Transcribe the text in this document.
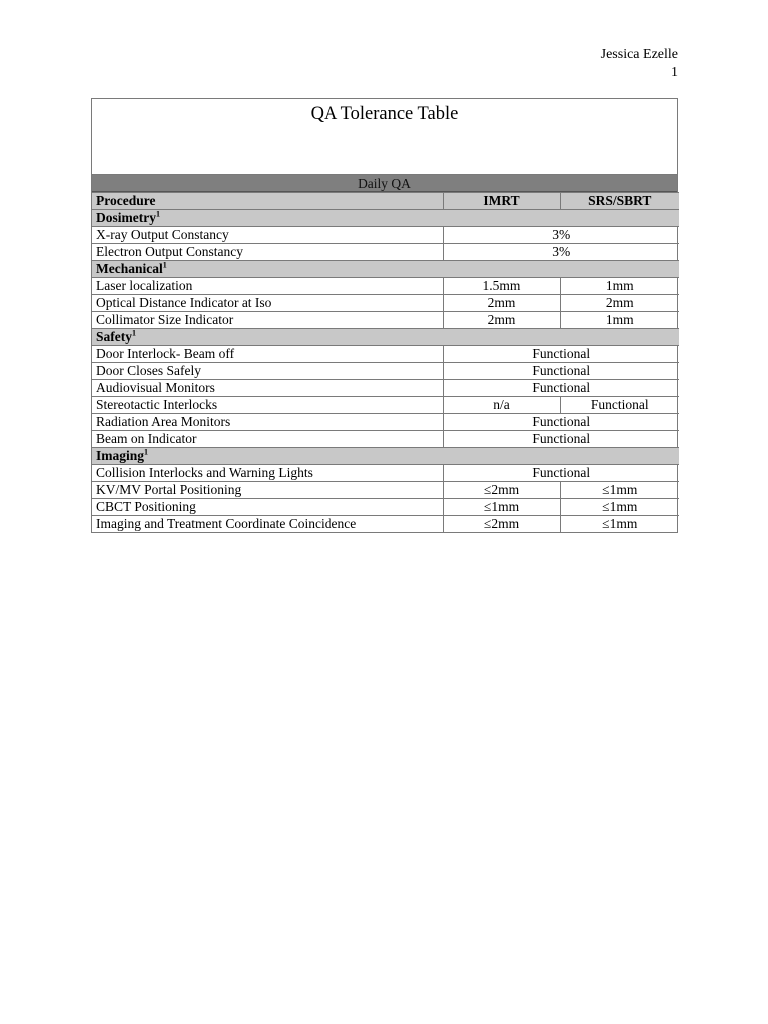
Jessica Ezelle
1
QA Tolerance Table
Daily QA
Procedure	IMRT	SRS/SBRT
Dosimetry$^1$
X-ray Output Constancy	3%	
Electron Output Constancy	3%	
Mechanical$^1$
Laser localization	1.5mm	1mm
Optical Distance Indicator at Iso	2mm	2mm
Collimator Size Indicator	2mm	1mm
Safety$^1$
Door Interlock- Beam off	Functional	
Door Closes Safely	Functional	
Audiovisual Monitors	Functional	
Stereotactic Interlocks	n/a	Functional
Radiation Area Monitors	Functional	
Beam on Indicator	Functional	
Imaging$^1$
Collision Interlocks and Warning Lights	Functional	
KV/MV Portal Positioning	≤2mm	≤1mm
CBCT Positioning	≤1mm	≤1mm
Imaging and Treatment Coordinate Coincidence	≤2mm	≤1mm
